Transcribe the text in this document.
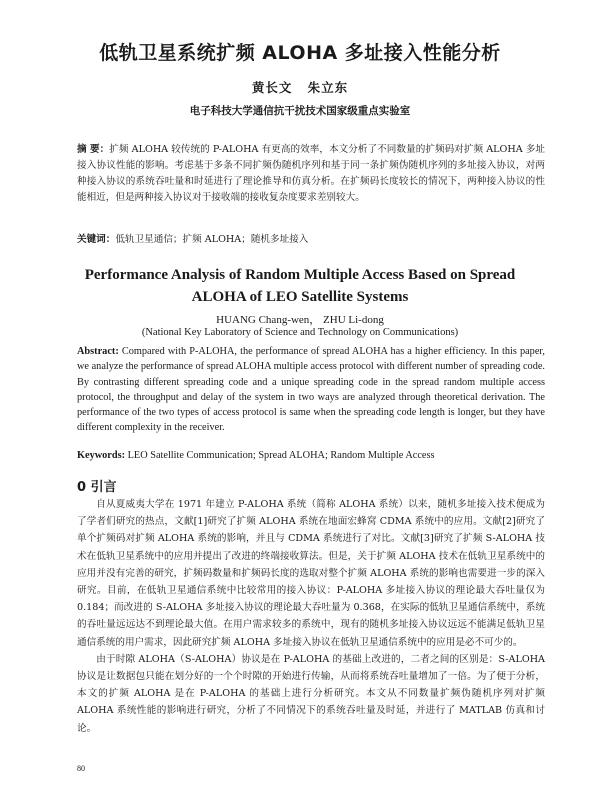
低轨卫星系统扩频 ALOHA 多址接入性能分析
黄长文 朱立东
电子科技大学通信抗干扰技术国家级重点实验室
摘 要：扩频 ALOHA 较传统的 P-ALOHA 有更高的效率，本文分析了不同数量的扩频码对扩频 ALOHA 多址接入协议性能的影响。考虑基于多条不同扩频伪随机序列和基于同一条扩频伪随机序列的多址接入协议，对两种接入协议的系统吞吐量和时延进行了理论推导和仿真分析。在扩频码长度较长的情况下，两种接入协议的性能相近，但是两种接入协议对于接收端的接收复杂度要求差别较大。
关键词：低轨卫星通信；扩频 ALOHA；随机多址接入
Performance Analysis of Random Multiple Access Based on Spread
ALOHA of LEO Satellite Systems
HUANG Chang-wen， ZHU Li-dong
(National Key Laboratory of Science and Technology on Communications)
Abstract: Compared with P-ALOHA, the performance of spread ALOHA has a higher efficiency. In this paper, we analyze the performance of spread ALOHA multiple access protocol with different number of spreading code. By contrasting different spreading code and a unique spreading code in the spread random multiple access protocol, the throughput and delay of the system in two ways are analyzed through theoretical derivation. The performance of the two types of access protocol is same when the spreading code length is longer, but they have different complexity in the receiver.
Keywords: LEO Satellite Communication; Spread ALOHA; Random Multiple Access
0 引言

自从夏威夷大学在 1971 年建立 P-ALOHA 系统（简称 ALOHA 系统）以来，随机多址接入技术便成为了学者们研究的热点，文献[1]研究了扩频 ALOHA 系统在地面宏蜂窝 CDMA 系统中的应用。文献[2]研究了单个扩频码对扩频 ALOHA 系统的影响，并且与 CDMA 系统进行了对比。文献[3]研究了扩频 S-ALOHA 技术在低轨卫星系统中的应用并提出了改进的终端接收算法。但是，关于扩频 ALOHA 技术在低轨卫星系统中的应用并没有完善的研究，扩频码数量和扩频码长度的选取对整个扩频 ALOHA 系统的影响也需要进一步的深入研究。目前，在低轨卫星通信系统中比较常用的接入协议：P-ALOHA 多址接入协议的理论最大吞吐量仅为 0.184；而改进的 S-ALOHA 多址接入协议的理论最大吞吐量为 0.368，在实际的低轨卫星通信系统中，系统的吞吐量远远达不到理论最大值。在用户需求较多的系统中，现有的随机多址接入协议远远不能满足低轨卫星通信系统的用户需求，因此研究扩频 ALOHA 多址接入协议在低轨卫星通信系统中的应用是必不可少的。

由于时隙 ALOHA（S-ALOHA）协议是在 P-ALOHA 的基础上改进的，二者之间的区别是：S-ALOHA 协议是让数据包只能在划分好的一个个时隙的开始进行传输，从而将系统吞吐量增加了一倍。为了便于分析，本文的扩频 ALOHA 是在 P-ALOHA 的基础上进行分析研究。本文从不同数量扩频伪随机序列对扩频 ALOHA 系统性能的影响进行研究，分析了不同情况下的系统吞吐量及时延，并进行了 MATLAB 仿真和讨论。

80
